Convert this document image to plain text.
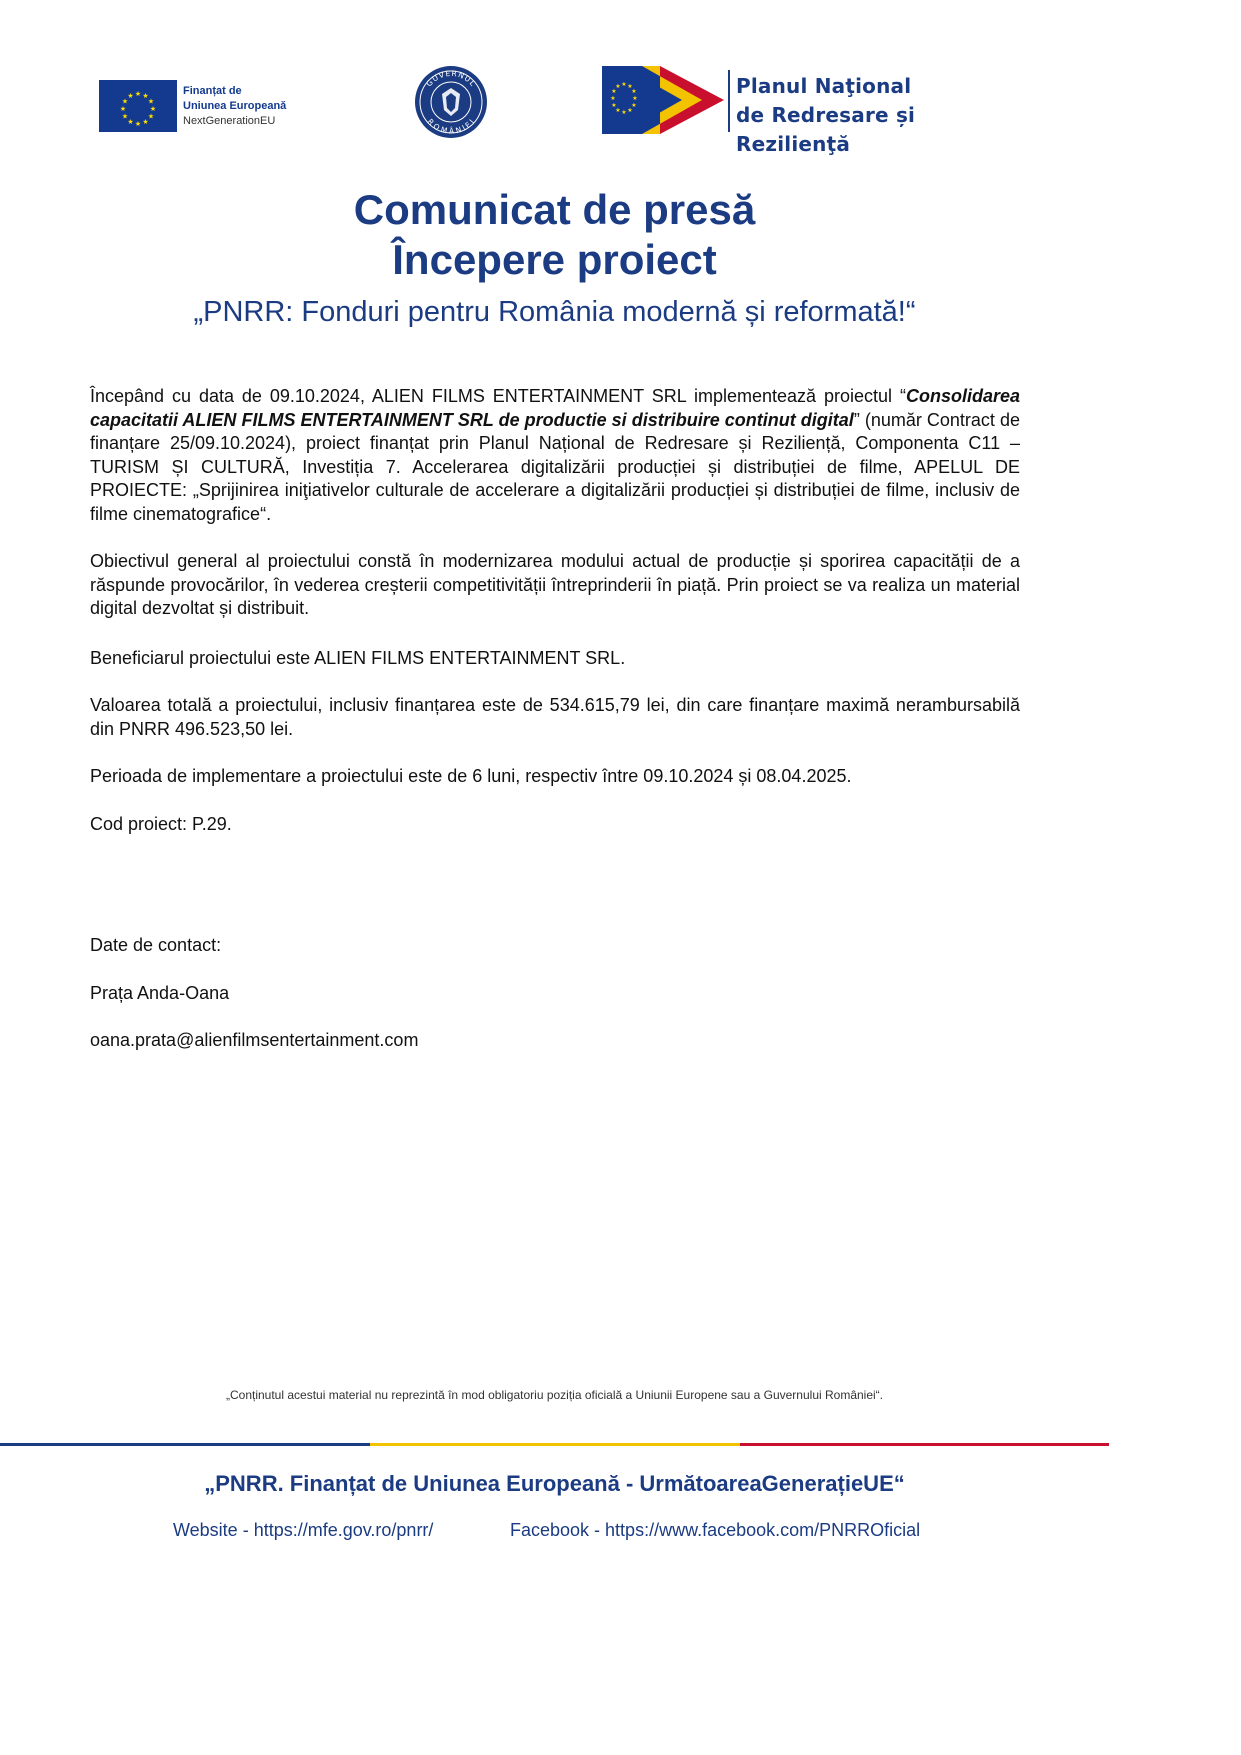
★ ★
★
★
★
★
★
★
★
★
★
★	Finanțat de
Uniunea Europeană
NextGenerationEU
GUVERNUL
ROMÂNIEI
★ ★
★
★
★
★
★
★
★
★
★
★	Planul Naţional
de Redresare și Rezilienţă
Comunicat de presă
Începere proiect
„PNRR: Fonduri pentru România modernă și reformată!“

Începând cu data de 09.10.2024, ALIEN FILMS ENTERTAINMENT SRL implementează proiectul “Consolidarea capacitatii ALIEN FILMS ENTERTAINMENT SRL de productie si distribuire continut digital” (număr Contract de finanțare 25/09.10.2024), proiect finanțat prin Planul Național de Redresare și Reziliență, Componenta C11 – TURISM ȘI CULTURĂ, Investiția 7. Accelerarea digitalizării producției și distribuției de filme, APELUL DE PROIECTE: „Sprijinirea iniţiativelor culturale de accelerare a digitalizării producției și distribuției de filme, inclusiv de filme cinematografice“.

Obiectivul general al proiectului constă în modernizarea modului actual de producție și sporirea capacității de a răspunde provocărilor, în vederea creșterii competitivității întreprinderii în piață. Prin proiect se va realiza un material digital dezvoltat și distribuit.

Beneficiarul proiectului este ALIEN FILMS ENTERTAINMENT SRL.

Valoarea totală a proiectului, inclusiv finanțarea este de 534.615,79 lei, din care finanțare maximă nerambursabilă din PNRR 496.523,50 lei.

Perioada de implementare a proiectului este de 6 luni, respectiv între 09.10.2024 și 08.04.2025.

Cod proiect: P.29.

Date de contact:
Prața Anda-Oana
oana.prata@alienfilmsentertainment.com
„Conținutul acestui material nu reprezintă în mod obligatoriu poziția oficială a Uniunii Europene sau a Guvernului României“.
„PNRR. Finanțat de Uniunea Europeană - UrmătoareaGenerațieUE“
Website - https://mfe.gov.ro/pnrr/	Facebook - https://www.facebook.com/PNRROficial
